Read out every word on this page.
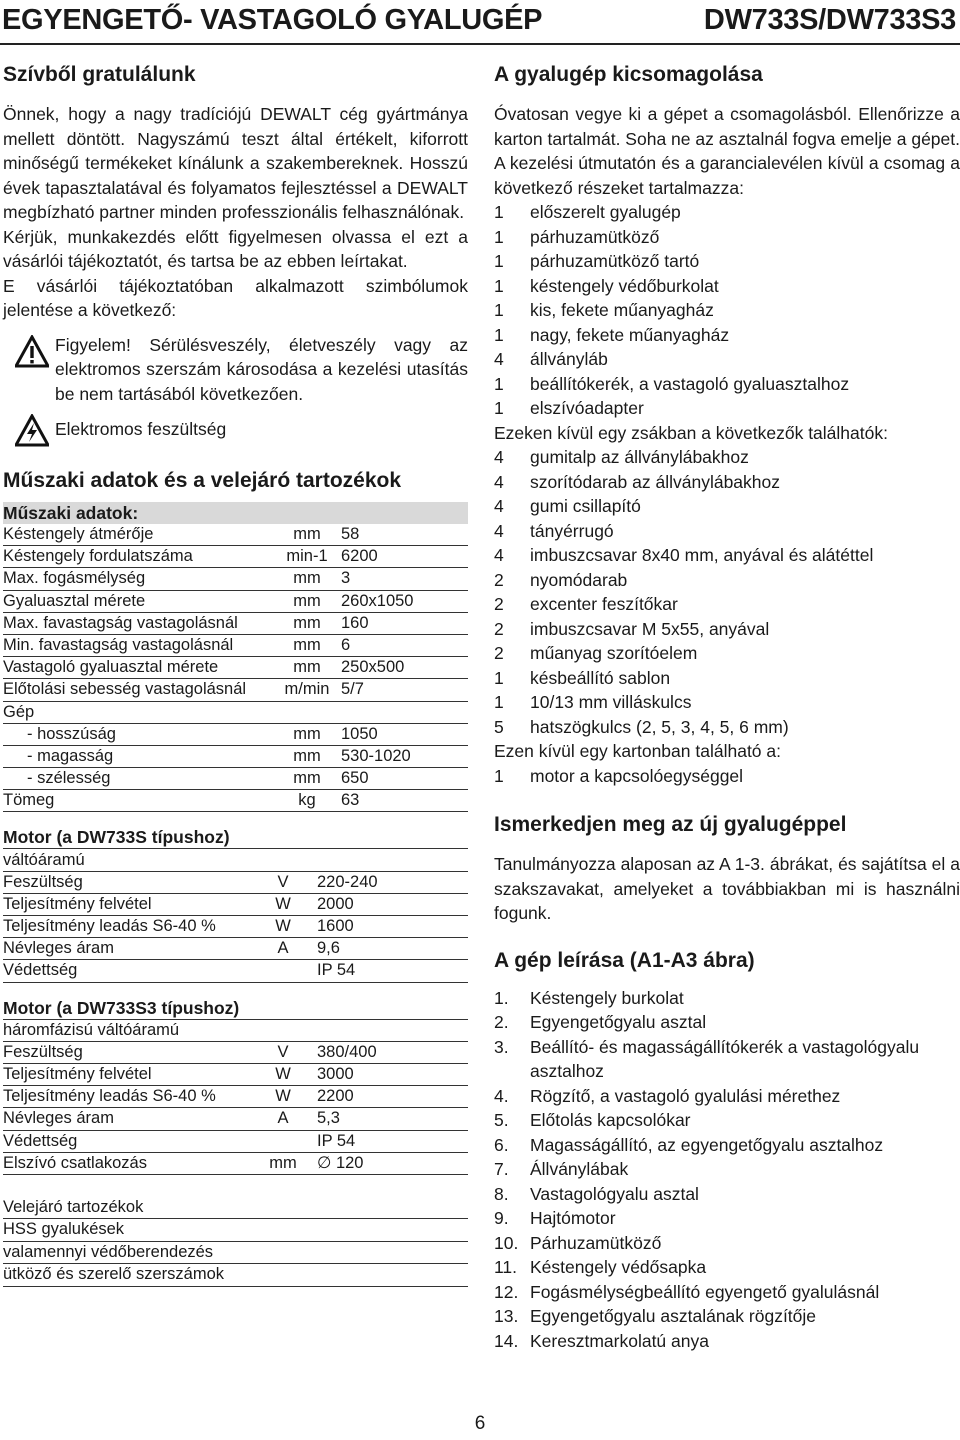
EGYENGETŐ- VASTAGOLÓ GYALUGÉP	DW733S/DW733S3
Szívből gratulálunk

Önnek, hogy a nagy tradíciójú DEWALT cég gyártmánya mellett döntött. Nagyszámú teszt által értékelt, kiforrott minőségű termékeket kínálunk a szakembereknek. Hosszú évek tapasztalatával és folyamatos fejlesztéssel a DEWALT megbízható partner minden professzionális felhasználónak.

Kérjük, munkakezdés előtt figyelmesen olvassa el ezt a vásárlói tájékoztatót, és tartsa be az ebben leírtakat.

E vásárlói tájékoztatóban alkalmazott szimbólumok jelentése a következő:

Figyelem! Sérülésveszély, életveszély vagy az elektromos szerszám károsodása a kezelési utasítás be nem tartásából következően.

Elektromos feszültség

Műszaki adatok és a velejáró tartozékok
Műszaki adatok:
Késtengely átmérője	mm	58
Késtengely fordulatszáma	min-1	6200
Max. fogásmélység	mm	3
Gyaluasztal mérete	mm	260x1050
Max. favastagság vastagolásnál	mm	160
Min. favastagság vastagolásnál	mm	6
Vastagoló gyaluasztal mérete	mm	250x500
Előtolási sebesség vastagolásnál	m/min	5/7
Gép		
- hosszúság	mm	1050
- magasság	mm	530-1020
- szélesség	mm	650
Tömeg	kg	63
Motor (a DW733S típushoz)
váltóáramú		
Feszültség	V	220-240
Teljesítmény felvétel	W	2000
Teljesítmény leadás S6-40 %	W	1600
Névleges áram	A	9,6
Védettség		IP 54
Motor (a DW733S3 típushoz)
háromfázisú váltóáramú		
Feszültség	V	380/400
Teljesítmény felvétel	W	3000
Teljesítmény leadás S6-40 %	W	2200
Névleges áram	A	5,3
Védettség		IP 54
Elszívó csatlakozás	mm	∅ 120
Velejáró tartozékok
HSS gyalukések
valamennyi védőberendezés
ütköző és szerelő szerszámok
A gyalugép kicsomagolása

Óvatosan vegye ki a gépet a csomagolásból. Ellenőrizze a karton tartalmát. Soha ne az asztalnál fogva emelje a gépet. A kezelési útmutatón és a garancialevélen kívül a csomag a következő részeket tartalmazza:

1 előszerelt gyalugép
1 párhuzamütköző
1 párhuzamütköző tartó
1 késtengely védőburkolat
1 kis, fekete műanyagház
1 nagy, fekete műanyagház
4 állványláb
1 beállítókerék, a vastagoló gyaluasztalhoz
1 elszívóadapter

Ezeken kívül egy zsákban a következők találhatók:

4 gumitalp az állványlábakhoz
4 szorítódarab az állványlábakhoz
4 gumi csillapító
4 tányérrugó
4 imbuszcsavar 8x40 mm, anyával és alátéttel
2 nyomódarab
2 excenter feszítőkar
2 imbuszcsavar M 5x55, anyával
2 műanyag szorítóelem
1 késbeállító sablon
1 10/13 mm villáskulcs
5 hatszögkulcs (2, 5, 3, 4, 5, 6 mm)

Ezen kívül egy kartonban található a:

1 motor a kapcsolóegységgel
Ismerkedjen meg az új gyalugéppel

Tanulmányozza alaposan az A 1-3. ábrákat, és sajátítsa el a szakszavakat, amelyeket a továbbiakban mi is használni fogunk.

A gép leírása (A1-A3 ábra)
1. Késtengely burkolat
2. Egyengetőgyalu asztal
3. Beállító- és magasságállítókerék a vastagológyalu asztalhoz
4. Rögzítő, a vastagoló gyalulási mérethez
5. Előtolás kapcsolókar
6. Magasságállító, az egyengetőgyalu asztalhoz
7. Állványlábak
8. Vastagológyalu asztal
9. Hajtómotor
10. Párhuzamütköző
11. Késtengely védősapka
12. Fogásmélységbeállító egyengető gyalulásnál
13. Egyengetőgyalu asztalának rögzítője
14. Keresztmarkolatú anya
6
